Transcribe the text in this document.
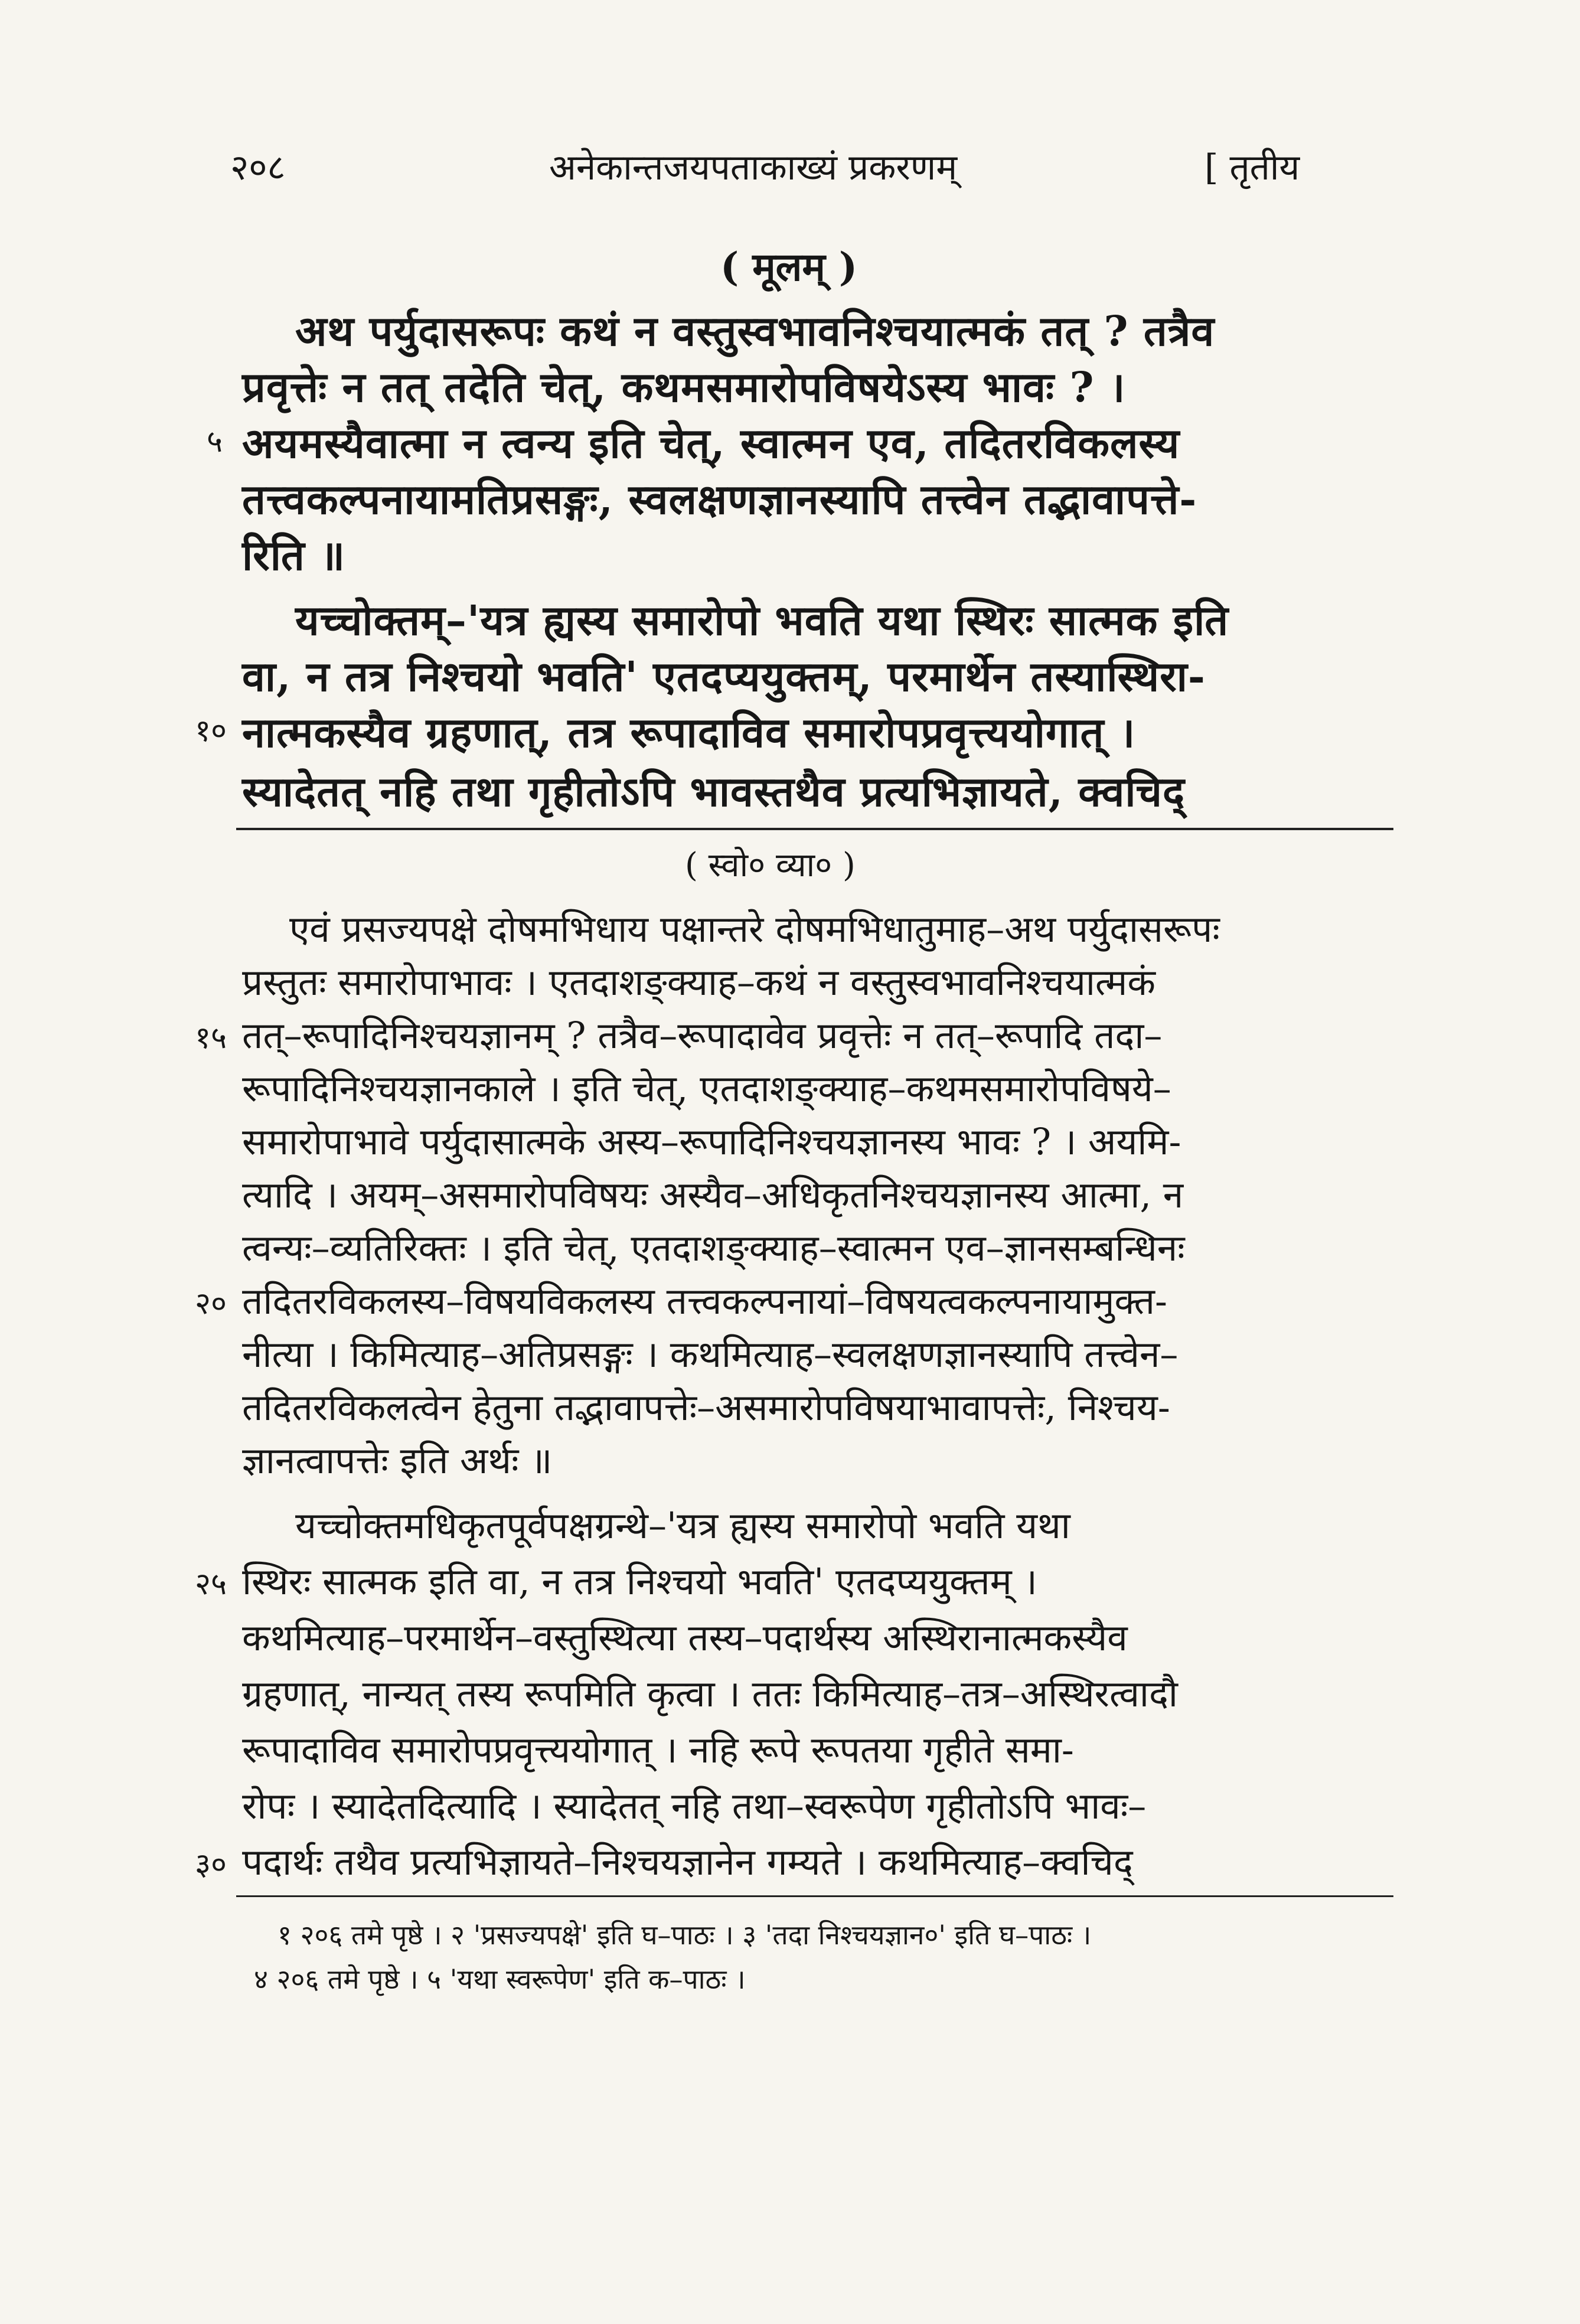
२०८	अनेकान्तजयपताकाख्यं प्रकरणम्	[ तृतीय
( मूलम् )
अथ पर्युदासरूपः कथं न वस्तुस्वभावनिश्चयात्मकं तत् ? तत्रैव
प्रवृत्तेः न तत् तदेति चेत्, कथमसमारोपविषयेऽस्य भावः ? ।
अयमस्यैवात्मा न त्वन्य इति चेत्, स्वात्मन एव, तदितरविकलस्य
तत्त्वकल्पनायामतिप्रसङ्गः, स्वलक्षणज्ञानस्यापि तत्त्वेन तद्भावापत्ते-
रिति ॥
यच्चोक्तम्–'यत्र ह्यस्य समारोपो भवति यथा स्थिरः सात्मक इति
वा, न तत्र निश्चयो भवति' एतदप्ययुक्तम्, परमार्थेन तस्यास्थिरा-
नात्मकस्यैव ग्रहणात्, तत्र रूपादाविव समारोपप्रवृत्त्ययोगात् ।
स्यादेतत् नहि तथा गृहीतोऽपि भावस्तथैव प्रत्यभिज्ञायते, क्वचिद्
( स्वो० व्या० )
एवं प्रसज्यपक्षे दोषमभिधाय पक्षान्तरे दोषमभिधातुमाह–अथ पर्युदासरूपः
प्रस्तुतः समारोपाभावः । एतदाशङ्क्याह–कथं न वस्तुस्वभावनिश्चयात्मकं
तत्–रूपादिनिश्चयज्ञानम् ? तत्रैव–रूपादावेव प्रवृत्तेः न तत्–रूपादि तदा–
रूपादिनिश्चयज्ञानकाले । इति चेत्, एतदाशङ्क्याह–कथमसमारोपविषये–
समारोपाभावे पर्युदासात्मके अस्य–रूपादिनिश्चयज्ञानस्य भावः ? । अयमि-
त्यादि । अयम्–असमारोपविषयः अस्यैव–अधिकृतनिश्चयज्ञानस्य आत्मा, न
त्वन्यः–व्यतिरिक्तः । इति चेत्, एतदाशङ्क्याह–स्वात्मन एव–ज्ञानसम्बन्धिनः
तदितरविकलस्य–विषयविकलस्य तत्त्वकल्पनायां–विषयत्वकल्पनायामुक्त-
नीत्या । किमित्याह–अतिप्रसङ्गः । कथमित्याह–स्वलक्षणज्ञानस्यापि तत्त्वेन–
तदितरविकलत्वेन हेतुना तद्भावापत्तेः–असमारोपविषयाभावापत्तेः, निश्चय-
ज्ञानत्वापत्तेः इति अर्थः ॥
यच्चोक्तमधिकृतपूर्वपक्षग्रन्थे–'यत्र ह्यस्य समारोपो भवति यथा
स्थिरः सात्मक इति वा, न तत्र निश्चयो भवति' एतदप्ययुक्तम् ।
कथमित्याह–परमार्थेन–वस्तुस्थित्या तस्य–पदार्थस्य अस्थिरानात्मकस्यैव
ग्रहणात्, नान्यत् तस्य रूपमिति कृत्वा । ततः किमित्याह–तत्र–अस्थिरत्वादौ
रूपादाविव समारोपप्रवृत्त्ययोगात् । नहि रूपे रूपतया गृहीते समा-
रोपः । स्यादेतदित्यादि । स्यादेतत् नहि तथा–स्वरूपेण गृहीतोऽपि भावः–
पदार्थः तथैव प्रत्यभिज्ञायते–निश्चयज्ञानेन गम्यते । कथमित्याह–क्वचिद्
५
१०
१५
२०
२५
३०
१ २०६ तमे पृष्ठे । २ 'प्रसज्यपक्षे' इति घ–पाठः । ३ 'तदा निश्चयज्ञान०' इति घ–पाठः ।
४ २०६ तमे पृष्ठे । ५ 'यथा स्वरूपेण' इति क–पाठः ।
